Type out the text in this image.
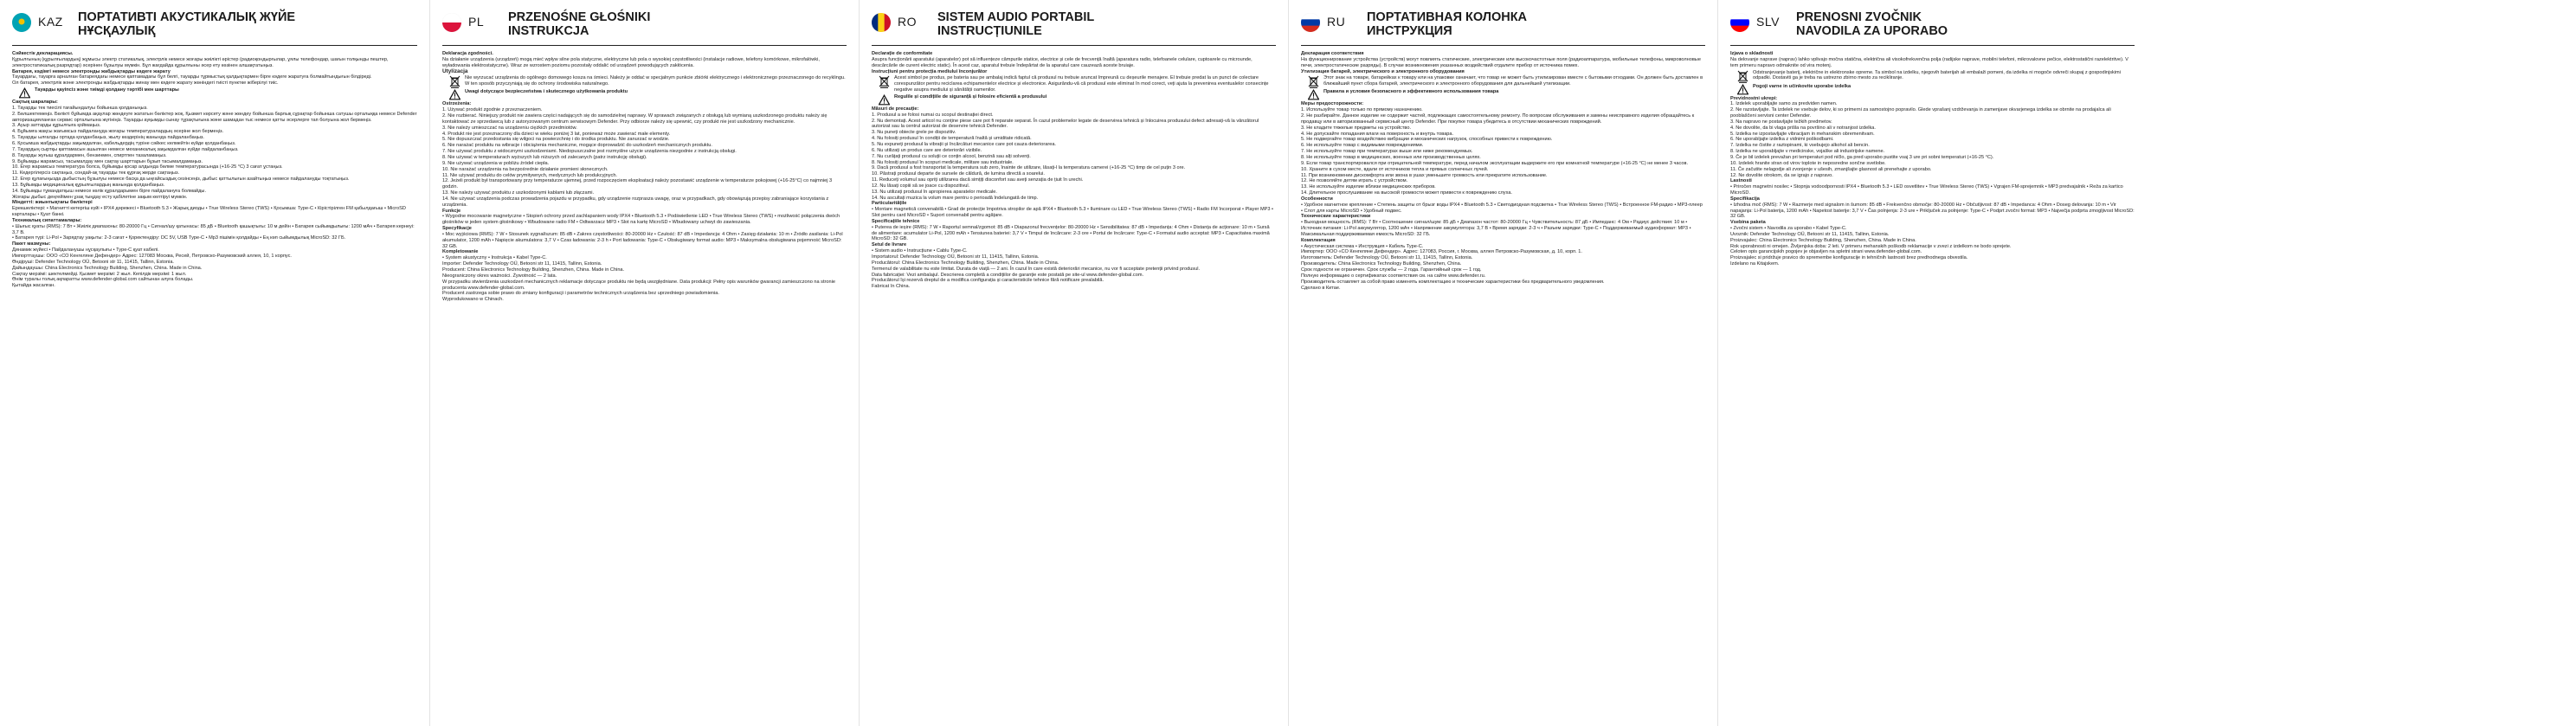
KAZ	ПОРТАТИВТІ АКУСТИКАЛЫҚ ЖҮЙЕ
НҰСҚАУЛЫҚ

Сәйкестік декларациясы.

Құрылғының (құрылғылардың) жұмысы электр статикалық, электрлік немесе жоғары жиілікті өрістер (радиоқондырғылар, ұялы телефондар, шағын толқынды пештер, электростатикалық разрядтар) әсерінен бұзылуы мүмкін. Бұл жағдайда құрылғыны әсер ету көзінен алшақтатыңыз.

Батарея, кәдімгі немесе электронды жабдықтарды кәдеге жарату

Тауардағы, тауарға арналған батареядағы немесе қаптамадағы бұл белгі, тауарды тұрмыстық қалдықтармен бірге кәдеге жаратуға болмайтындығын білдіреді.

Ол батарея, электрлік және электронды жабдықтарды жинау мен кәдеге жарату жөніндегі тиісті пунктке жіберілуі тиіс.

Тауарды қауіпсіз және тиімді қолдану тәртібі мен шарттары

Сақтық шаралары:

1. Тауарды тек тиесілі тағайындалуы бойынша қолданыңыз.

2. Бөлшектемеңіз. Бөлікті бұйымда ақаулар жөндеуге жататын бөліктер жоқ. Қызмет көрсету және жөндеу бойынша барлық сұрақтар бойынша сатушы орталыққа немесе Defender авторизацияланған сервис орталығына жүгініңіз. Тауарды ауқымды сынау тұрақтығына және шамадан тыс немесе қатты әсерлерге тап болуына жол бермеңіз.

3. Ауыр заттарды құрылғыға қоймаңыз.

4. Бұйымға жақсы жағымсыз пайдалануда жоғары температуралардың әсеріне жол бермеңіз.

5. Тауарды ылғалды ортада қолданбаңыз, жылу көздерінің жанында пайдаланбаңыз.

6. Қосымша жабдықтарды зақымдалған, кабельдердің түріне сәйкес келмейтін күйде қолданбаңыз.

7. Тауардың сыртқы қаптамасын ашылған немесе механикалық зақымдалған күйде пайдаланбаңыз.

8. Тауарды жуғыш құралдармен, бензинмен, спиртпен тазаламаңыз.

9. Бұйымды жарамсыз, тасымалдау мен сақтау шарттарын бұзып тасымалдамаңыз.

10. Егер жарамсыз температура болса, бұйымды қосар алдында бөлме температурасында (+16-25 °C) 3 сағат ұстаңыз.

11. Кедергілерсіз сақтаңыз, сондай-ақ тауарды тек құрғақ жерде сақтаңыз.

12. Егер құлағыңызда дыбыстың бұзылуы немесе басқа да ыңғайсыздық сезінсеңіз, дыбыс қаттылығын азайтыңыз немесе пайдалануды тоқтатыңыз.

13. Бұйымды медициналық құрылғылардың жанында қолданбаңыз.

14. Бұйымды тұмандатқыш немесе көлік құралдарымен бірге пайдалануға болмайды.

Жоғары дыбыс деңгейімен ұзақ тыңдау есту қабілетіне зақым келтіруі мүмкін.

Міндетті: жиынтықтағы бөліктері

Ерекшеліктері: • Магнитті көтергіш күйі • IPX4 дәрежесі • Bluetooth 5.3 • Жарық диоды • True Wireless Stereo (TWS) • Қосымша: Type-C • Кірістірілген FM қабылдағыш • MicroSD карталары • Қуат банкі.

Техникалық сипаттамалары:

• Шығыс қуаты (RMS): 7 Вт • Жиілік диапазоны: 80-20000 Гц • Сигнал/шу қатынасы: 85 дБ • Bluetooth қашықтығы: 10 м дейін • Батарея сыйымдылығы: 1200 мАч • Батарея кернеуі: 3,7 В.

• Батарея түрі: Li-Pol • Зарядтау уақыты: 2-3 сағат • Қоректендіру: DC 5V, USB Type-C • Mp3 пішімін қолдайды • Ең көп сыйымдылық MicroSD: 32 ГБ.

Пакет мазмұны:

Динамик жүйесі • Пайдаланушы нұсқаулығы • Type-C қуат кабелі.

Импорттаушы: ООО «СО Кенгеляне Дефендер» Адрес: 127083 Москва, Ресей, Петровско-Разумовский аллея, 10, 1 корпус.

Өндіруші: Defender Technology OÜ, Betooni str 11, 11415, Tallinn, Estonia.

Дайындаушы: China Electronics Technology Building, Shenzhen, China. Made in China.

Сақтау мерзімі: шектелмейді. Қызмет мерзімі: 2 жыл. Кепілдік мерзімі: 1 жыл.

Өнім туралы толық ақпаратты www.defender-global.com сайтынан алуға болады.

Қытайда жасалған.

PL	PRZENOŚNE GŁOŚNIKI
INSTRUKCJA

Deklaracja zgodności.

Na działanie urządzenia (urządzeń) mogą mieć wpływ silne pola statyczne, elektryczne lub pola o wysokiej częstotliwości (instalacje radiowe, telefony komórkowe, mikrofalówki, wyładowania elektrostatyczne). Wraz ze wzrostem poziomu pozostały oddalić od urządzeń powodujących zakłócenia.

Utylizacja

Nie wyrzucać urządzenia do ogólnego domowego kosza na śmieci. Należy je oddać w specjalnym punkcie zbiórki elektrycznego i elektronicznego przeznaczonego do recyklingu. W ten sposób przyczyniają się do ochrony środowiska naturalnego.

Uwagi dotyczące bezpieczeństwa i skutecznego użytkowania produktu

Ostrzeżenia:

1. Używać produkt zgodnie z przeznaczeniem.

2. Nie rozbierać. Niniejszy produkt nie zawiera części nadających się do samodzielnej naprawy. W sprawach związanych z obsługą lub wymianą uszkodzonego produktu należy się kontaktować ze sprzedawcą lub z autoryzowanym centrum serwisowym Defender. Przy odbiorze należy się upewnić, czy produkt nie jest uszkodzony mechanicznie.

3. Nie należy umieszczać na urządzeniu ciężkich przedmiotów.

4. Produkt nie jest przeznaczony dla dzieci w wieku poniżej 3 lat, ponieważ może zawierać małe elementy.

5. Nie dopuszczać przedostania się wilgoci na powierzchnię i do środka produktu. Nie zanurzać w wodzie.

6. Nie narażać produktu na wibracje i obciążenia mechaniczne, mogące doprowadzić do uszkodzeń mechanicznych produktu.

7. Nie używać produktu z widocznymi uszkodzeniami. Niedopuszczalne jest rozmyślne użycie urządzenia niezgodnie z instrukcją obsługi.

8. Nie używać w temperaturach wyższych lub niższych od zalecanych (patrz instrukcję obsługi).

9. Nie używać urządzenia w pobliżu źródeł ciepła.

10. Nie narażać urządzenia na bezpośrednie działanie promieni słonecznych.

11. Nie używać produktu do celów prymitywnych, medycznych lub produkcyjnych.

12. Jeżeli produkt był transportowany przy temperaturze ujemnej, przed rozpoczęciem eksploatacji należy pozostawić urządzenie w temperaturze pokojowej (+16-25°C) co najmniej 3 godzin.

13. Nie należy używać produktu z uszkodzonymi kablami lub złączami.

14. Nie używać urządzenia podczas prowadzenia pojazdu w przypadku, gdy urządzenie rozprasza uwagę, oraz w przypadkach, gdy obowiązują przepisy zabraniające korzystania z urządzenia.

Funkcje

• Wygodne mocowanie magnetyczne • Stopień ochrony przed zachlapaniem wody IPX4 • Bluetooth 5.3 • Podświetlenie LED • True Wireless Stereo (TWS) • możliwość połączenia dwóch głośników w jeden system głośnikowy • Wbudowane radio FM • Odtwarzacz MP3 • Slot na kartę MicroSD • Wbudowany uchwyt do zawieszania.

Specyfikacje

• Moc wyjściowa (RMS): 7 W • Stosunek sygnał/szum: 85 dB • Zakres częstotliwości: 80-20000 Hz • Czułość: 87 dB • Impedancja: 4 Ohm • Zasięg działania: 10 m • Źródło zasilania: Li-Pol akumulator, 1200 mAh • Napięcie akumulatora: 3,7 V • Czas ładowania: 2-3 h • Port ładowania: Type-C • Obsługiwany format audio: MP3 • Maksymalna obsługiwana pojemność MicroSD: 32 GB.

Kompletowanie

• System akustyczny • Instrukcja • Kabel Type-C.

Importer: Defender Technology OÜ, Betooni str 11, 11415, Tallinn, Estonia.

Producent: China Electronics Technology Building, Shenzhen, China. Made in China.

Nieograniczony okres ważności. Żywotność — 2 lata.

W przypadku stwierdzenia uszkodzeń mechanicznych reklamacje dotyczące produktu nie będą uwzględniane. Data produkcji: Pełny opis warunków gwarancji zamieszczono na stronie producenta www.defender-global.com.

Producent zastrzega sobie prawo do zmiany konfiguracji i parametrów technicznych urządzenia bez uprzedniego powiadomienia.

Wyprodukowano w Chinach.

RO	SISTEM AUDIO PORTABIL
INSTRUCȚIUNILE

Declarație de conformitate

Asupra funcționării aparatului (aparatelor) pot să influențeze câmpurile statice, electrice și cele de frecvență înaltă (aparatura radio, telefoanele celulare, cuptoarele cu microunde, descărcările de curent electric static). În acest caz, aparatul trebuie îndepărtat de la aparatul care cauzează aceste bruiaje.

Instrucțiuni pentru protecția mediului înconjurător

Acest simbol pe produs, pe bateria sau pe ambalaj indică faptul că produsul nu trebuie aruncat împreună cu deșeurile menajere. El trebuie predat la un punct de colectare corespunzător pentru reciclarea echipamentelor electrice și electronice. Asigurându-vă că produsul este eliminat în mod corect, veți ajuta la prevenirea eventualelor consecințe negative asupra mediului și sănătății oamenilor.

Regulile și condițiile de siguranță și folosire eficientă a produsului

Măsuri de precauție:

1. Produsul a se folosi numai cu scopul destinației direct.

2. Nu demontați. Acest articol nu conține piese care pot fi reparate separat. În cazul problemelor legate de deservirea tehnică și înlocuirea produsului defect adresați-vă la vânzătorul autorizat sau la centrul autorizat de deservire tehnică Defender.

3. Nu puneți obiecte grele pe dispozitiv.

4. Nu folosiți produsul în condiții de temperatură înaltă și umiditate ridicată.

5. Nu expuneți produsul la vibrații și încărcături mecanice care pot cauza deteriorarea.

6. Nu utilizați un produs care are deteriorări vizibile.

7. Nu curățați produsul cu soluții ce conțin alcool, benzină sau alți solvenți.

8. Nu folosiți produsul în scopuri medicale, militare sau industriale.

9. Dacă produsul a fost transportat la temperatura sub zero, înainte de utilizare, lăsați-l la temperatura camerei (+16-25 °C) timp de cel puțin 3 ore.

10. Păstrați produsul departe de sursele de căldură, de lumina directă a soarelui.

11. Reduceți volumul sau opriți utilizarea dacă simțiți disconfort sau aveți senzația de țiuit în urechi.

12. Nu lăsați copiii să se joace cu dispozitivul.

13. Nu utilizați produsul în apropierea aparatelor medicale.

14. Nu ascultați muzica la volum mare pentru o perioadă îndelungată de timp.

Particularitățile

• Montare magnetică convenabilă • Grad de protecție împotriva stropilor de apă IPX4 • Bluetooth 5.3 • Iluminare cu LED • True Wireless Stereo (TWS) • Radio FM încorporat • Player MP3 • Slot pentru card MicroSD • Suport convenabil pentru agățare.

Specificațiile tehnice

• Puterea de ieșire (RMS): 7 W • Raportul semnal/zgomot: 85 dB • Diapazonul frecvențelor: 80-20000 Hz • Sensibilitatea: 87 dB • Impedanța: 4 Ohm • Distanța de acționare: 10 m • Sursă de alimentare: acumulator Li-Pol, 1200 mAh • Tensiunea bateriei: 3,7 V • Timpul de încărcare: 2-3 ore • Portul de încărcare: Type-C • Formatul audio acceptat: MP3 • Capacitatea maximă MicroSD: 32 GB.

Setul de livrare

• Sistem audio • Instrucțiune • Cablu Type-C.

Importatorul: Defender Technology OÜ, Betooni str 11, 11415, Tallinn, Estonia.

Producătorul: China Electronics Technology Building, Shenzhen, China. Made in China.

Termenul de valabilitate nu este limitat. Durata de viață — 2 ani. În cazul în care există deteriorări mecanice, nu vor fi acceptate pretenții privind produsul.

Data fabricației: Vezi ambalajul. Descrierea completă a condițiilor de garanție este postată pe site-ul www.defender-global.com.

Producătorul își rezervă dreptul de a modifica configurația și caracteristicile tehnice fără notificare prealabilă.

Fabricat în China.

RU	ПОРТАТИВНАЯ КОЛОНКА
ИНСТРУКЦИЯ

Декларация соответствия

На функционирование устройства (устройств) могут повлиять статические, электрические или высокочастотные поля (радиоаппаратура, мобильные телефоны, микроволновые печи, электростатические разряды). В случае возникновения указанных воздействий отдалите прибор от источника помех.

Утилизация батарей, электрического и электронного оборудования

Этот знак на товаре, батарейках к товару или на упаковке означает, что товар не может быть утилизирован вместе с бытовыми отходами. Он должен быть доставлен в ближайший пункт сбора батарей, электрического и электронного оборудования для дальнейшей утилизации.

Правила и условия безопасного и эффективного использования товара

Меры предосторожности:

1. Используйте товар только по прямому назначению.

2. Не разбирайте. Данное изделие не содержит частей, подлежащих самостоятельному ремонту. По вопросам обслуживания и замены неисправного изделия обращайтесь к продавцу или в авторизованный сервисный центр Defender. При покупке товара убедитесь в отсутствии механических повреждений.

3. Не кладите тяжелые предметы на устройство.

4. Не допускайте попадания влаги на поверхность и внутрь товара.

5. Не подвергайте товар воздействию вибрации и механических нагрузок, способных привести к повреждению.

6. Не используйте товар с видимыми повреждениями.

7. Не используйте товар при температурах выше или ниже рекомендуемых.

8. Не используйте товар в медицинских, военных или производственных целях.

9. Если товар транспортировался при отрицательной температуре, перед началом эксплуатации выдержите его при комнатной температуре (+16-25 °C) не менее 3 часов.

10. Храните в сухом месте, вдали от источников тепла и прямых солнечных лучей.

11. При возникновении дискомфорта или звона в ушах уменьшите громкость или прекратите использование.

12. Не позволяйте детям играть с устройством.

13. Не используйте изделие вблизи медицинских приборов.

14. Длительное прослушивание на высокой громкости может привести к повреждению слуха.

Особенности

• Удобное магнитное крепление • Степень защиты от брызг воды IPX4 • Bluetooth 5.3 • Светодиодная подсветка • True Wireless Stereo (TWS) • Встроенное FM-радио • MP3-плеер • Слот для карты MicroSD • Удобный подвес.

Технические характеристики

• Выходная мощность (RMS): 7 Вт • Соотношение сигнал/шум: 85 дБ • Диапазон частот: 80-20000 Гц • Чувствительность: 87 дБ • Импеданс: 4 Ом • Радиус действия: 10 м • Источник питания: Li-Pol аккумулятор, 1200 мАч • Напряжение аккумулятора: 3,7 В • Время зарядки: 2-3 ч • Разъем зарядки: Type-C • Поддерживаемый аудиоформат: MP3 • Максимальная поддерживаемая емкость MicroSD: 32 ГБ.

Комплектация

• Акустическая система • Инструкция • Кабель Type-C.

Импортер: ООО «СО Кенгеляне Дефендер». Адрес: 127083, Россия, г. Москва, аллея Петровско-Разумовская, д. 10, корп. 1.

Изготовитель: Defender Technology OÜ, Betooni str 11, 11415, Tallinn, Estonia.

Производитель: China Electronics Technology Building, Shenzhen, China.

Срок годности не ограничен. Срок службы — 2 года. Гарантийный срок — 1 год.

Полную информацию о сертификатах соответствия см. на сайте www.defender.ru.

Производитель оставляет за собой право изменять комплектацию и технические характеристики без предварительного уведомления.

Сделано в Китае.

SLV	PRENOSNI ZVOČNIK
NAVODILA ZA UPORABO

Izjava o skladnosti

Na delovanje naprave (naprav) lahko vplivajo močna statična, električna ali visokofrekvenčna polja (radijske naprave, mobilni telefoni, mikrovalovne pečice, elektrostatični razelektritve). V tem primeru napravo odmaknite od vira motenj.

Odstranjevanje baterij, električne in elektronske opreme. Ta simbol na izdelku, njegovih baterijah ali embalaži pomeni, da izdelka ni mogoče odvreči skupaj z gospodinjskimi odpadki. Dostaviti ga je treba na ustrezno zbirno mesto za recikliranje.

Pogoji varne in učinkovite uporabe izdelka

Previdnostni ukrepi:

1. Izdelek uporabljajte samo za predviden namen.

2. Ne razstavljajte. Ta izdelek ne vsebuje delov, ki so primerni za samostojno popravilo. Glede vprašanj vzdrževanja in zamenjave okvarjenega izdelka se obrnite na prodajalca ali pooblaščeni servisni center Defender.

3. Na napravo ne postavljajte težkih predmetov.

4. Ne dovolite, da bi vlaga prišla na površino ali v notranjost izdelka.

5. Izdelka ne izpostavljajte vibracijam in mehanskim obremenitvam.

6. Ne uporabljajte izdelka z vidnimi poškodbami.

7. Izdelka ne čistite z raztopinami, ki vsebujejo alkohol ali bencin.

8. Izdelka ne uporabljajte v medicinske, vojaške ali industrijske namene.

9. Če je bil izdelek prevažan pri temperaturi pod ničlo, ga pred uporabo pustite vsaj 3 ure pri sobni temperaturi (+16-25 °C).

10. Izdelek hranite stran od virov toplote in neposredne sončne svetlobe.

11. Če začutite nelagodje ali zvonjenje v ušesih, zmanjšajte glasnost ali prenehajte z uporabo.

12. Ne dovolite otrokom, da se igrajo z napravo.

Lastnosti

• Priročen magnetni nosilec • Stopnja vodoodpornosti IPX4 • Bluetooth 5.3 • LED osvetlitev • True Wireless Stereo (TWS) • Vgrajen FM-sprejemnik • MP3 predvajalnik • Reža za kartico MicroSD.

Specifikacija

• Izhodna moč (RMS): 7 W • Razmerje med signalom in šumom: 85 dB • Frekvenčno območje: 80-20000 Hz • Občutljivost: 87 dB • Impedanca: 4 Ohm • Doseg delovanja: 10 m • Vir napajanja: Li-Pol baterija, 1200 mAh • Napetost baterije: 3,7 V • Čas polnjenja: 2-3 ure • Priključek za polnjenje: Type-C • Podprt zvočni format: MP3 • Največja podprta zmogljivost MicroSD: 32 GB.

Vsebina paketa

• Zvočni sistem • Navodila za uporabo • Kabel Type-C.

Uvoznik: Defender Technology OÜ, Betooni str 11, 11415, Tallinn, Estonia.

Proizvajalec: China Electronics Technology Building, Shenzhen, China. Made in China.

Rok uporabnosti ni omejen. Življenjska doba: 2 leti. V primeru mehanskih poškodb reklamacije v zvezi z izdelkom ne bodo sprejete.

Celoten opis garancijskih pogojev je objavljen na spletni strani www.defender-global.com.

Proizvajalec si pridržuje pravico do spremembe konfiguracije in tehničnih lastnosti brez predhodnega obvestila.

Izdelano na Kitajskem.
